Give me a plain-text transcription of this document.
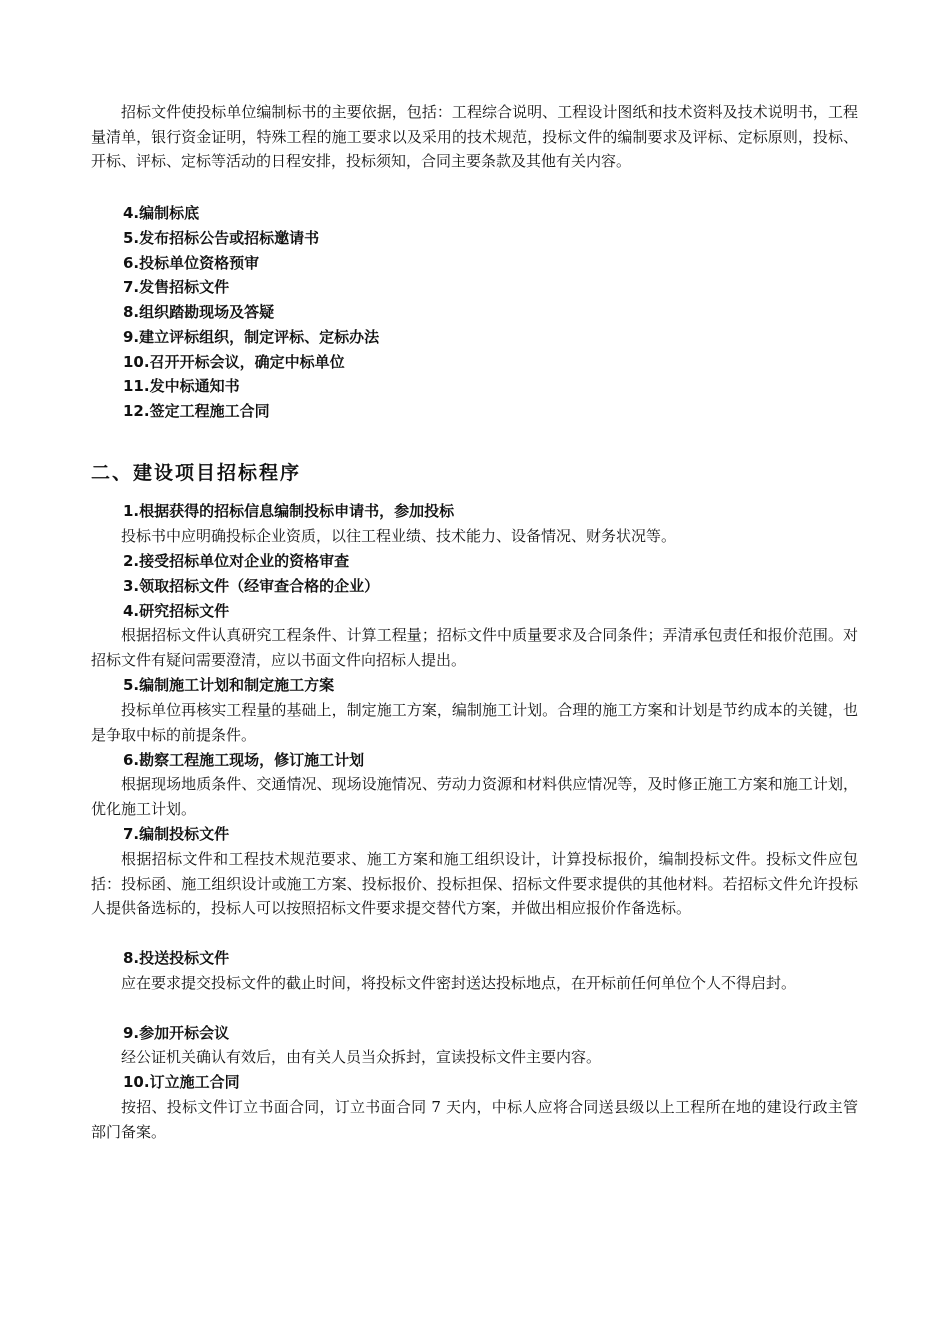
招标文件使投标单位编制标书的主要依据，包括：工程综合说明、工程设计图纸和技术资料及技术说明书，工程量清单，银行资金证明，特殊工程的施工要求以及采用的技术规范，投标文件的编制要求及评标、定标原则，投标、开标、评标、定标等活动的日程安排，投标须知，合同主要条款及其他有关内容。

4.编制标底

5.发布招标公告或招标邀请书

6.投标单位资格预审

7.发售招标文件

8.组织踏勘现场及答疑

9.建立评标组织，制定评标、定标办法

10.召开开标会议，确定中标单位

11.发中标通知书

12.签定工程施工合同

二、建设项目招标程序

1.根据获得的招标信息编制投标申请书，参加投标

投标书中应明确投标企业资质，以往工程业绩、技术能力、设备情况、财务状况等。

2.接受招标单位对企业的资格审查

3.领取招标文件（经审查合格的企业）

4.研究招标文件

根据招标文件认真研究工程条件、计算工程量；招标文件中质量要求及合同条件；弄清承包责任和报价范围。对招标文件有疑问需要澄清，应以书面文件向招标人提出。

5.编制施工计划和制定施工方案

投标单位再核实工程量的基础上，制定施工方案，编制施工计划。合理的施工方案和计划是节约成本的关键，也是争取中标的前提条件。

6.勘察工程施工现场，修订施工计划

根据现场地质条件、交通情况、现场设施情况、劳动力资源和材料供应情况等，及时修正施工方案和施工计划，优化施工计划。

7.编制投标文件

根据招标文件和工程技术规范要求、施工方案和施工组织设计，计算投标报价，编制投标文件。投标文件应包括：投标函、施工组织设计或施工方案、投标报价、投标担保、招标文件要求提供的其他材料。若招标文件允许投标人提供备选标的，投标人可以按照招标文件要求提交替代方案，并做出相应报价作备选标。

8.投送投标文件

应在要求提交投标文件的截止时间，将投标文件密封送达投标地点，在开标前任何单位个人不得启封。

9.参加开标会议

经公证机关确认有效后，由有关人员当众拆封，宣读投标文件主要内容。

10.订立施工合同

按招、投标文件订立书面合同，订立书面合同 7 天内，中标人应将合同送县级以上工程所在地的建设行政主管部门备案。
